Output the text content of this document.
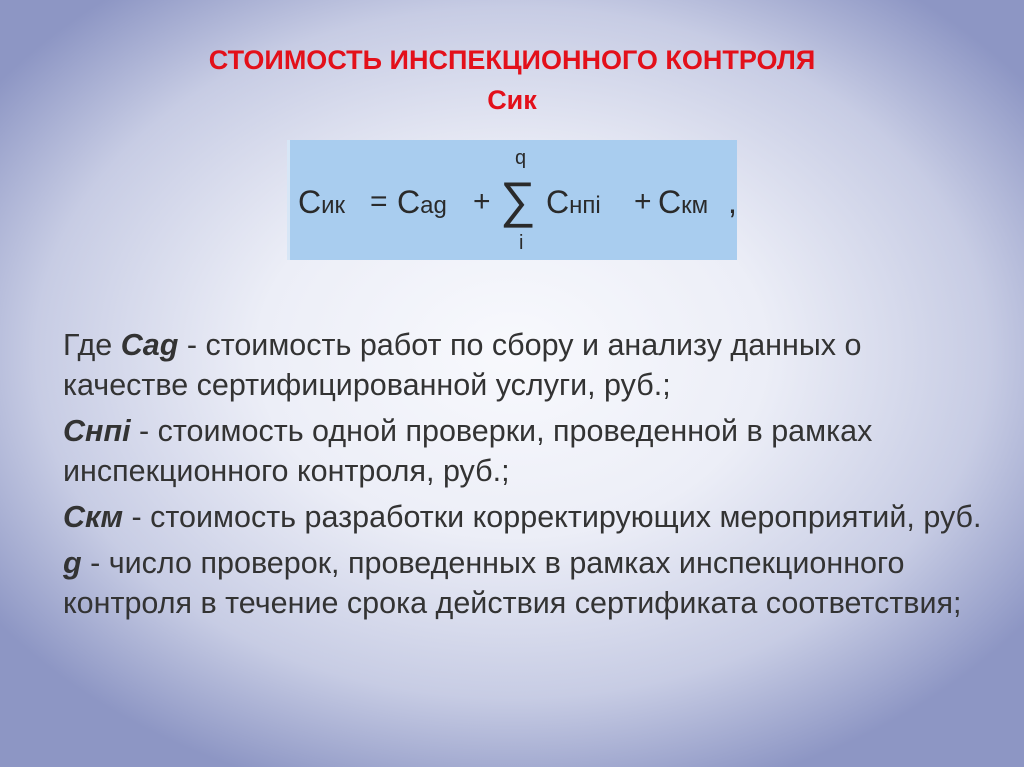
СТОИМОСТЬ ИНСПЕКЦИОННОГО КОНТРОЛЯ
Сик
Сик = Сag +
q
∑
i
Снпi + Скм ,

Где Сag - стоимость работ по сбору и анализу данных о качестве сертифицированной услуги, руб.;

Снпi - стоимость одной проверки, проведенной в рамках инспекционного контроля, руб.;

Скм - стоимость разработки корректирующих мероприятий, руб.

g - число проверок, проведенных в рамках инспекционного контроля в течение срока действия сертификата соответствия;
